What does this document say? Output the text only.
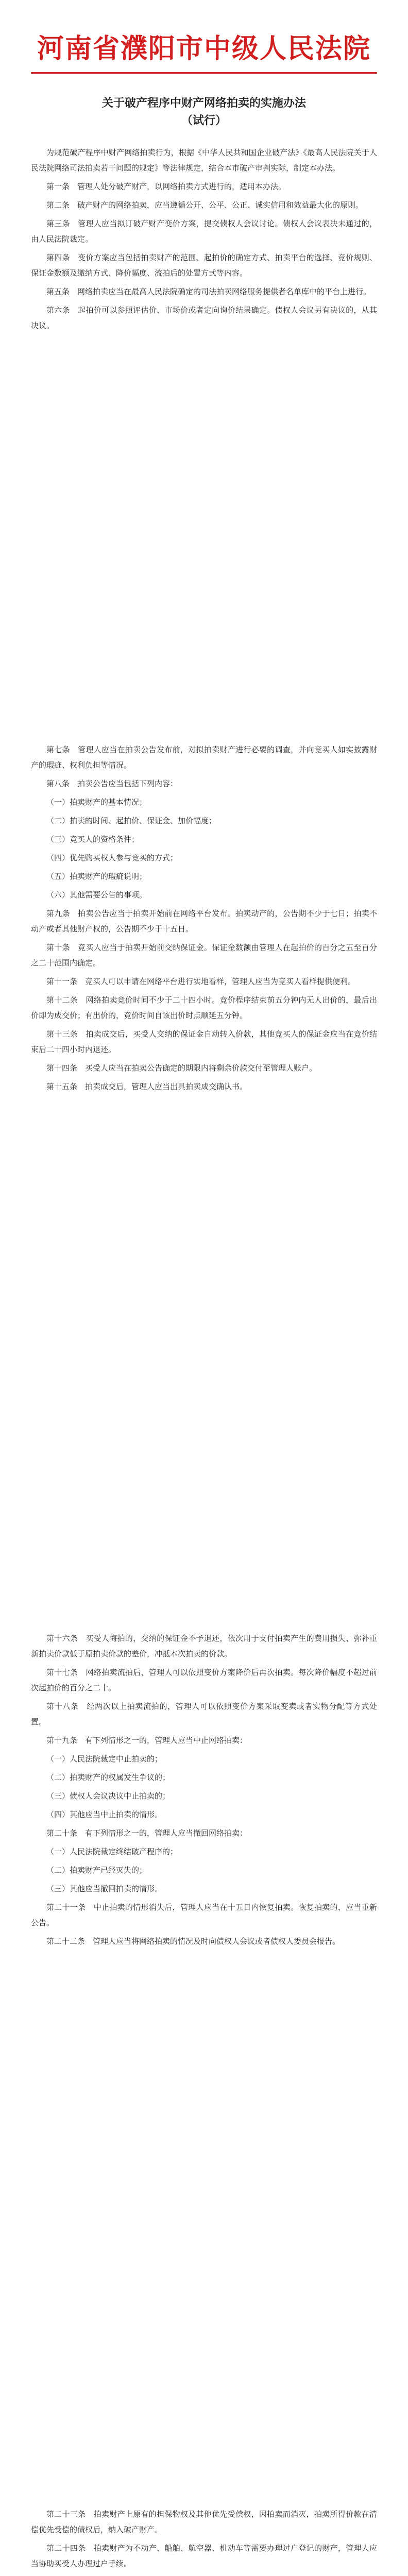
河南省濮阳市中级人民法院
关于破产程序中财产网络拍卖的实施办法
（试行）

为规范破产程序中财产网络拍卖行为，根据《中华人民共和国企业破产法》《最高人民法院关于人民法院网络司法拍卖若干问题的规定》等法律规定，结合本市破产审判实际，制定本办法。

第一条　管理人处分破产财产，以网络拍卖方式进行的，适用本办法。

第二条　破产财产的网络拍卖，应当遵循公开、公平、公正、诚实信用和效益最大化的原则。

第三条　管理人应当拟订破产财产变价方案，提交债权人会议讨论。债权人会议表决未通过的，由人民法院裁定。

第四条　变价方案应当包括拍卖财产的范围、起拍价的确定方式、拍卖平台的选择、竞价规则、保证金数额及缴纳方式、降价幅度、流拍后的处置方式等内容。

第五条　网络拍卖应当在最高人民法院确定的司法拍卖网络服务提供者名单库中的平台上进行。

第六条　起拍价可以参照评估价、市场价或者定向询价结果确定。债权人会议另有决议的，从其决议。

第七条　管理人应当在拍卖公告发布前，对拟拍卖财产进行必要的调查，并向竞买人如实披露财产的瑕疵、权利负担等情况。

第八条　拍卖公告应当包括下列内容：

（一）拍卖财产的基本情况；

（二）拍卖的时间、起拍价、保证金、加价幅度；

（三）竞买人的资格条件；

（四）优先购买权人参与竞买的方式；

（五）拍卖财产的瑕疵说明；

（六）其他需要公告的事项。

第九条　拍卖公告应当于拍卖开始前在网络平台发布。拍卖动产的，公告期不少于七日；拍卖不动产或者其他财产权的，公告期不少于十五日。

第十条　竞买人应当于拍卖开始前交纳保证金。保证金数额由管理人在起拍价的百分之五至百分之二十范围内确定。

第十一条　竞买人可以申请在网络平台进行实地看样，管理人应当为竞买人看样提供便利。

第十二条　网络拍卖竞价时间不少于二十四小时。竞价程序结束前五分钟内无人出价的，最后出价即为成交价；有出价的，竞价时间自该出价时点顺延五分钟。

第十三条　拍卖成交后，买受人交纳的保证金自动转入价款，其他竞买人的保证金应当在竞价结束后二十四小时内退还。

第十四条　买受人应当在拍卖公告确定的期限内将剩余价款交付至管理人账户。

第十五条　拍卖成交后，管理人应当出具拍卖成交确认书。

第十六条　买受人悔拍的，交纳的保证金不予退还，依次用于支付拍卖产生的费用损失、弥补重新拍卖价款低于原拍卖价款的差价，冲抵本次拍卖的价款。

第十七条　网络拍卖流拍后，管理人可以依照变价方案降价后再次拍卖。每次降价幅度不超过前次起拍价的百分之二十。

第十八条　经两次以上拍卖流拍的，管理人可以依照变价方案采取变卖或者实物分配等方式处置。

第十九条　有下列情形之一的，管理人应当中止网络拍卖：

（一）人民法院裁定中止拍卖的；

（二）拍卖财产的权属发生争议的；

（三）债权人会议决议中止拍卖的；

（四）其他应当中止拍卖的情形。

第二十条　有下列情形之一的，管理人应当撤回网络拍卖：

（一）人民法院裁定终结破产程序的；

（二）拍卖财产已经灭失的；

（三）其他应当撤回拍卖的情形。

第二十一条　中止拍卖的情形消失后，管理人应当在十五日内恢复拍卖。恢复拍卖的，应当重新公告。

第二十二条　管理人应当将网络拍卖的情况及时向债权人会议或者债权人委员会报告。

第二十三条　拍卖财产上原有的担保物权及其他优先受偿权，因拍卖而消灭，拍卖所得价款在清偿优先受偿的债权后，纳入破产财产。

第二十四条　拍卖财产为不动产、船舶、航空器、机动车等需要办理过户登记的财产，管理人应当协助买受人办理过户手续。
